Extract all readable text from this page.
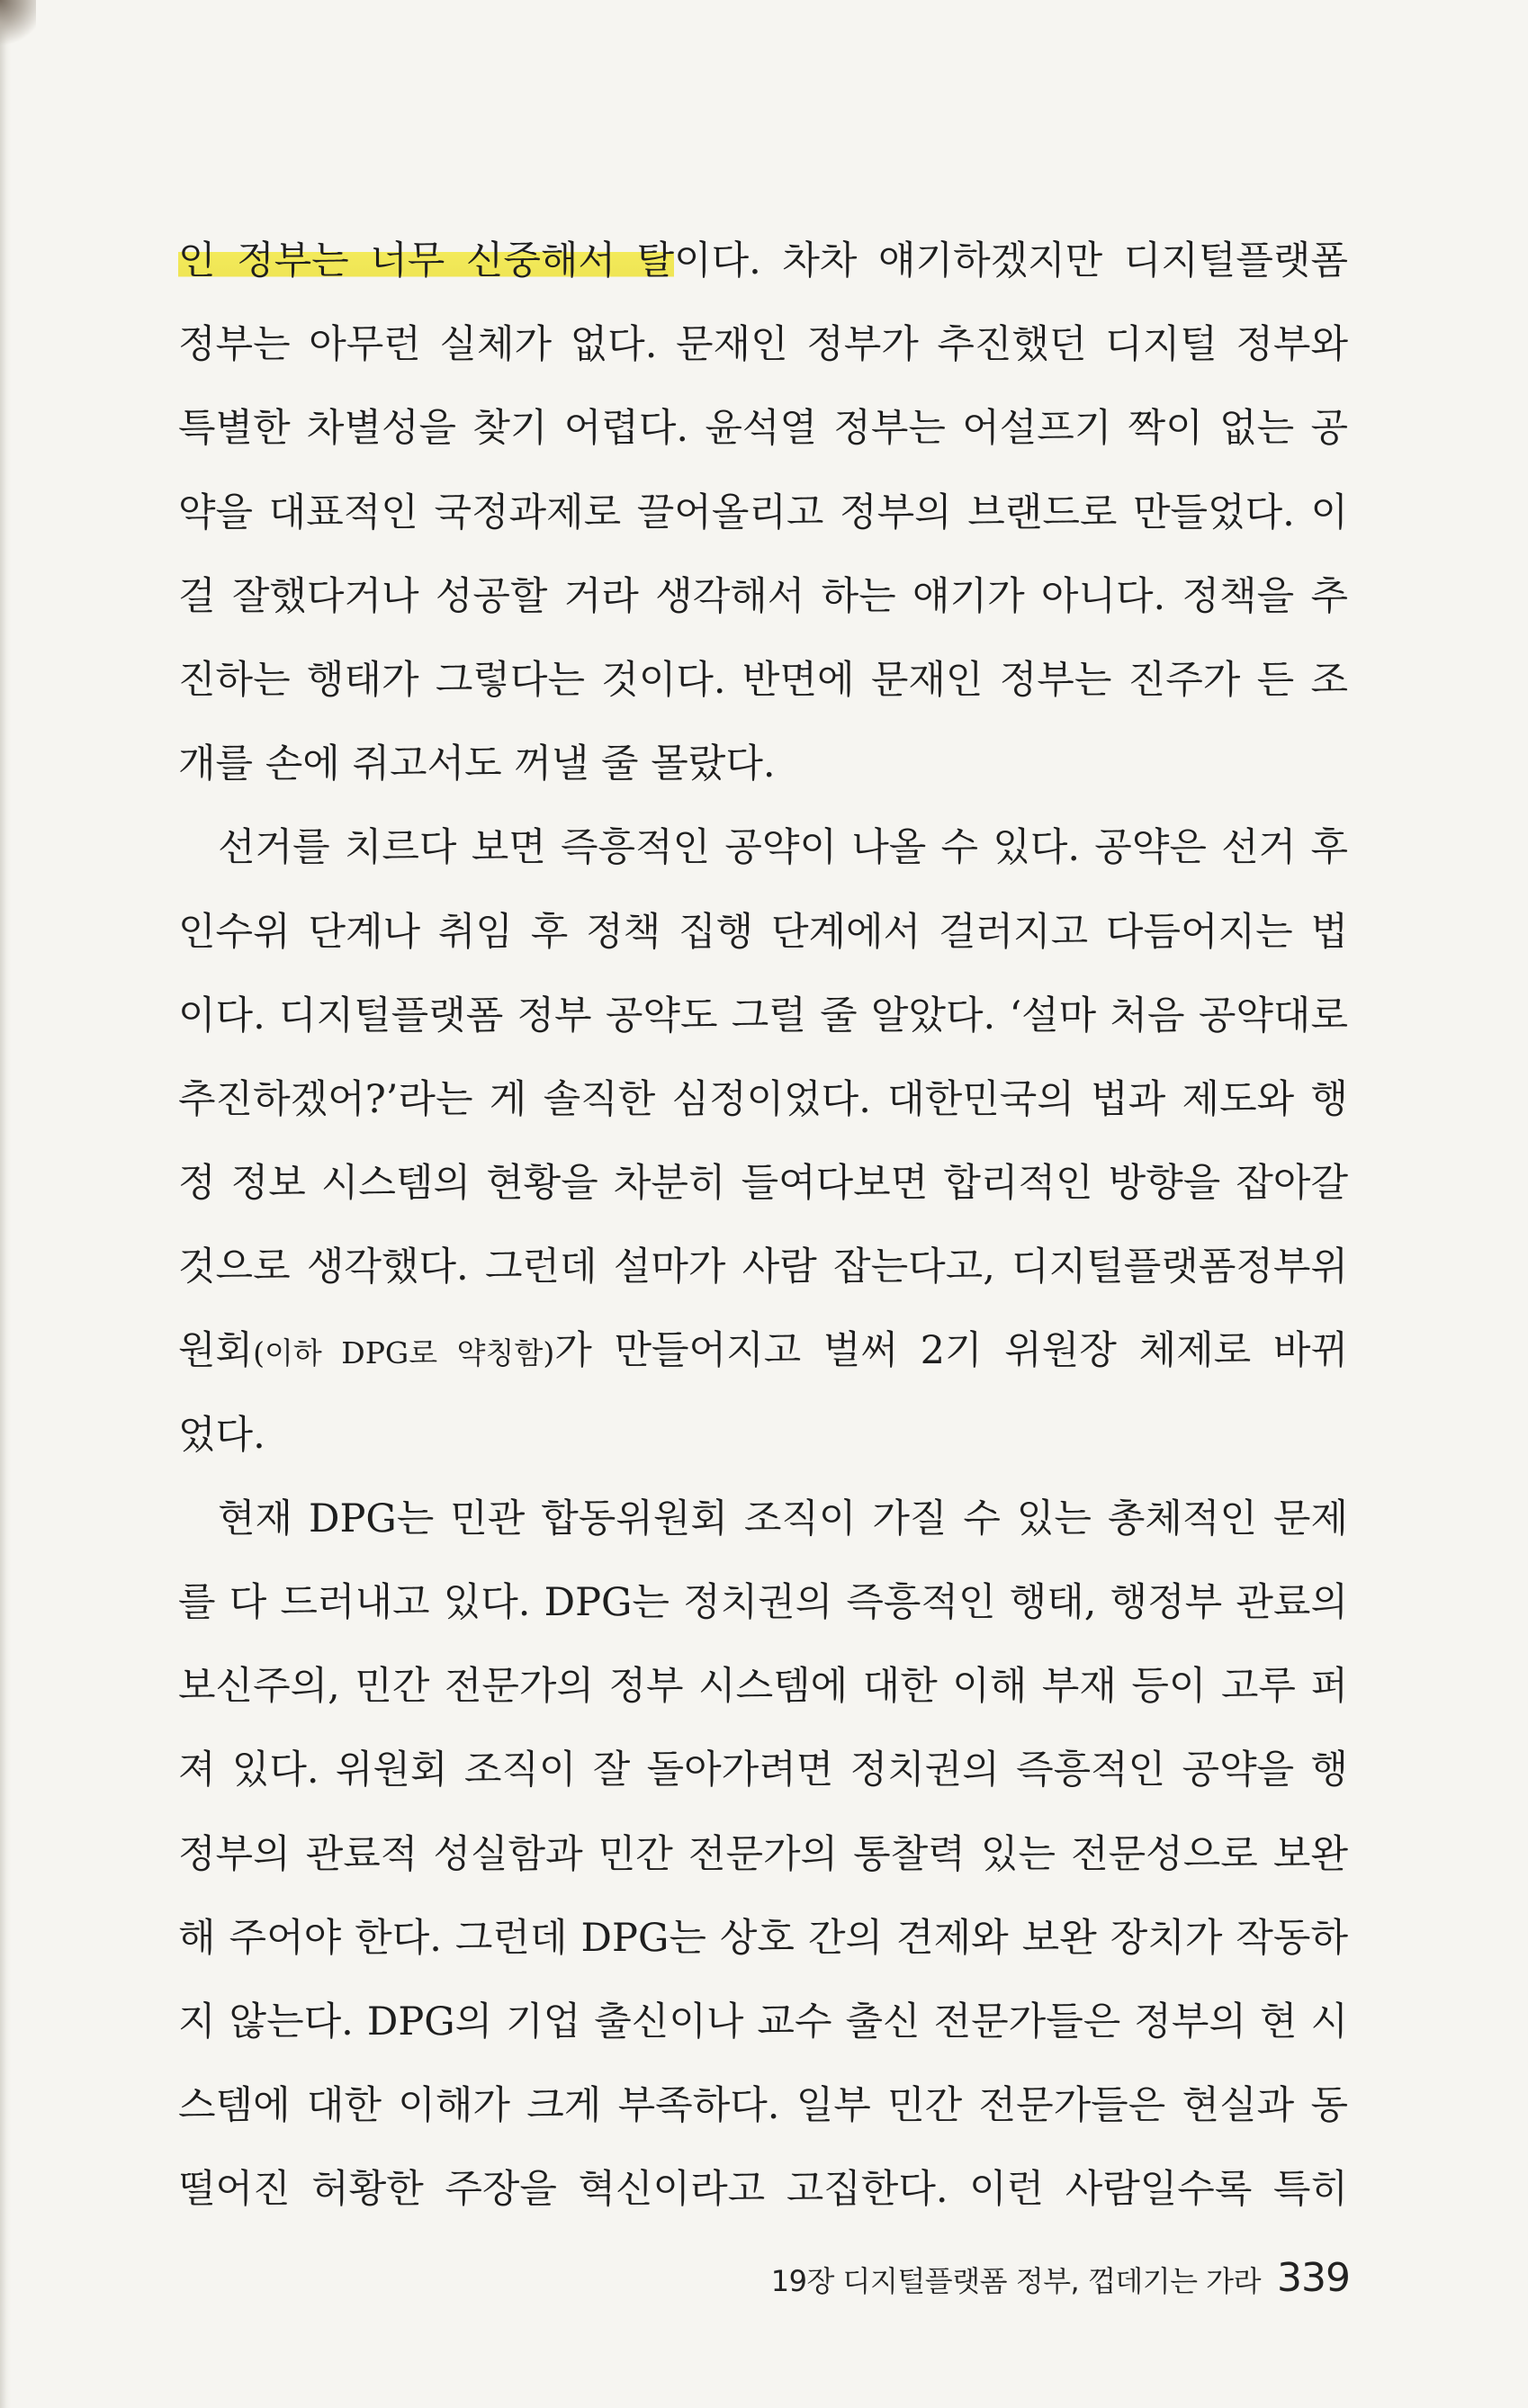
인 정부는 너무 신중해서 탈이다. 차차 얘기하겠지만 디지털플랫폼
정부는 아무런 실체가 없다. 문재인 정부가 추진했던 디지털 정부와
특별한 차별성을 찾기 어렵다. 윤석열 정부는 어설프기 짝이 없는 공
약을 대표적인 국정과제로 끌어올리고 정부의 브랜드로 만들었다. 이
걸 잘했다거나 성공할 거라 생각해서 하는 얘기가 아니다. 정책을 추
진하는 행태가 그렇다는 것이다. 반면에 문재인 정부는 진주가 든 조
개를 손에 쥐고서도 꺼낼 줄 몰랐다.
선거를 치르다 보면 즉흥적인 공약이 나올 수 있다. 공약은 선거 후
인수위 단계나 취임 후 정책 집행 단계에서 걸러지고 다듬어지는 법
이다. 디지털플랫폼 정부 공약도 그럴 줄 알았다. ‘설마 처음 공약대로
추진하겠어?’라는 게 솔직한 심정이었다. 대한민국의 법과 제도와 행
정 정보 시스템의 현황을 차분히 들여다보면 합리적인 방향을 잡아갈
것으로 생각했다. 그런데 설마가 사람 잡는다고, 디지털플랫폼정부위
원회(이하 DPG로 약칭함)가 만들어지고 벌써 2기 위원장 체제로 바뀌
었다.
현재 DPG는 민관 합동위원회 조직이 가질 수 있는 총체적인 문제
를 다 드러내고 있다. DPG는 정치권의 즉흥적인 행태, 행정부 관료의
보신주의, 민간 전문가의 정부 시스템에 대한 이해 부재 등이 고루 퍼
져 있다. 위원회 조직이 잘 돌아가려면 정치권의 즉흥적인 공약을 행
정부의 관료적 성실함과 민간 전문가의 통찰력 있는 전문성으로 보완
해 주어야 한다. 그런데 DPG는 상호 간의 견제와 보완 장치가 작동하
지 않는다. DPG의 기업 출신이나 교수 출신 전문가들은 정부의 현 시
스템에 대한 이해가 크게 부족하다. 일부 민간 전문가들은 현실과 동
떨어진 허황한 주장을 혁신이라고 고집한다. 이런 사람일수록 특히
19장 디지털플랫폼 정부, 껍데기는 가라 339
